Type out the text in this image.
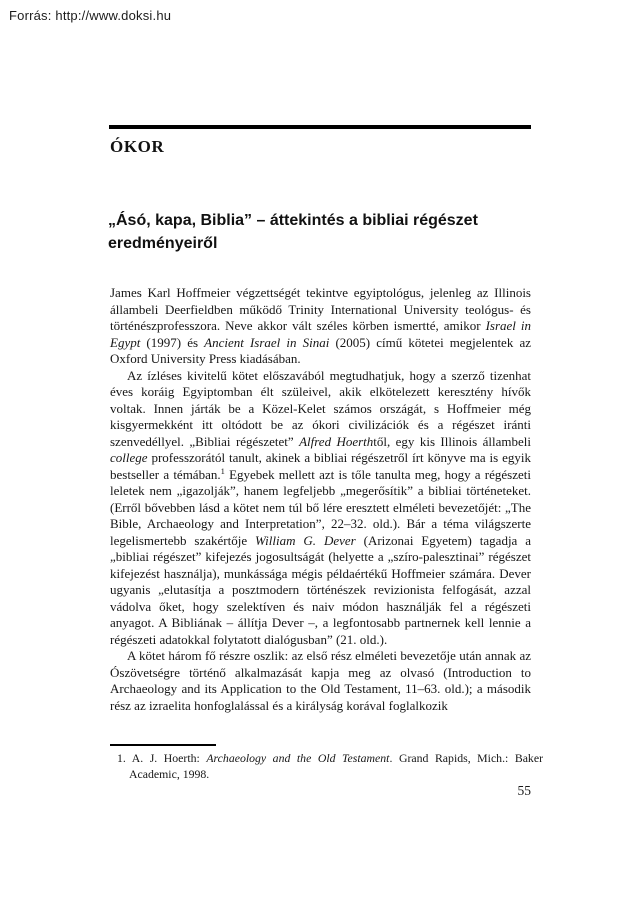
Forrás: http://www.doksi.hu
ÓKOR
„Ásó, kapa, Biblia” – áttekintés a bibliai régészet eredményeiről

James Karl Hoffmeier végzettségét tekintve egyiptológus, jelenleg az Illinois állambeli Deerfieldben működő Trinity International University teológus- és történészprofesszora. Neve akkor vált széles körben ismertté, amikor Israel in Egypt (1997) és Ancient Israel in Sinai (2005) című kötetei megjelentek az Oxford University Press kiadásában.

Az ízléses kivitelű kötet előszavából megtudhatjuk, hogy a szerző tizenhat éves koráig Egyiptomban élt szüleivel, akik elkötelezett keresztény hívők voltak. Innen járták be a Közel-Kelet számos országát, s Hoffmeier még kisgyermekként itt oltódott be az ókori civilizációk és a régészet iránti szenvedéllyel. „Bibliai régészetet” Alfred Hoerthtől, egy kis Illinois állambeli college professzorától tanult, akinek a bibliai régészetről írt könyve ma is egyik bestseller a témában.$^1$ Egyebek mellett azt is tőle tanulta meg, hogy a régészeti leletek nem „igazolják”, hanem legfeljebb „megerősítik” a bibliai történeteket. (Erről bővebben lásd a kötet nem túl bő lére eresztett elméleti bevezetőjét: „The Bible, Archaeology and Interpretation”, 22–32. old.). Bár a téma világszerte legelismertebb szakértője William G. Dever (Arizonai Egyetem) tagadja a „bibliai régészet” kifejezés jogosultságát (helyette a „szíro-palesztinai” régészet kifejezést használja), munkássága mégis példaértékű Hoffmeier számára. Dever ugyanis „elutasítja a posztmodern történészek revizionista felfogását, azzal vádolva őket, hogy szelektíven és naiv módon használják fel a régészeti anyagot. A Bibliának – állítja Dever –, a legfontosabb partnernek kell lennie a régészeti adatokkal folytatott dialógusban” (21. old.).

A kötet három fő részre oszlik: az első rész elméleti bevezetője után annak az Ószövetségre történő alkalmazását kapja meg az olvasó (Introduction to Archaeology and its Application to the Old Testament, 11–63. old.); a második rész az izraelita honfoglalással és a királyság korával foglalkozik

1. A. J. Hoerth: Archaeology and the Old Testament. Grand Rapids, Mich.: Baker Academic, 1998.
55
